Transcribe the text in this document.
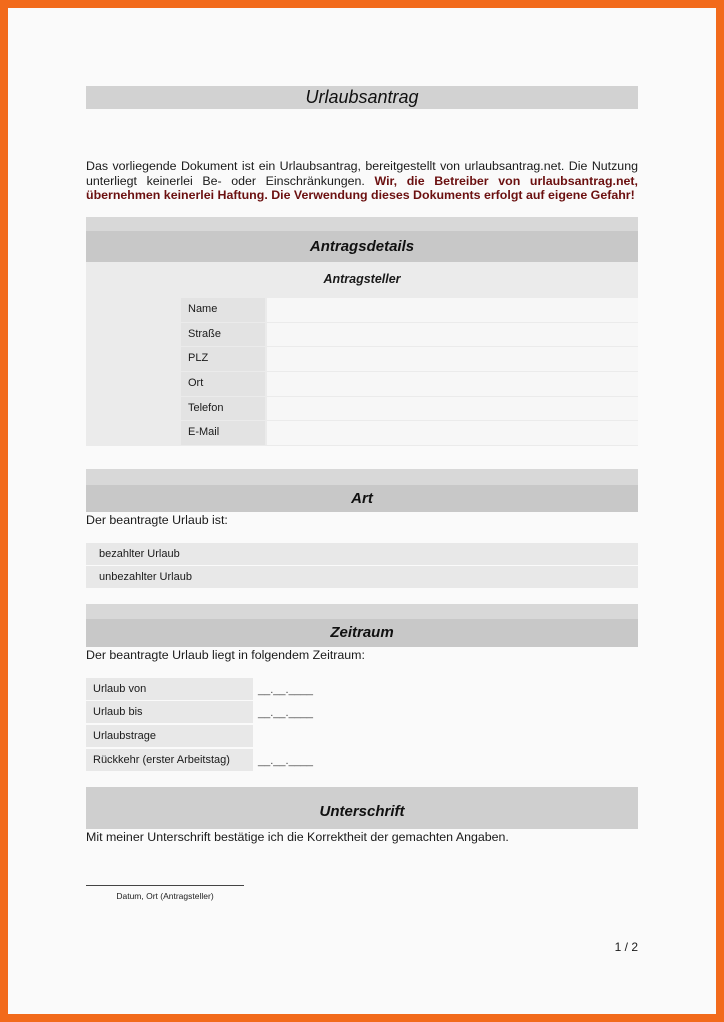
Urlaubsantrag
Das vorliegende Dokument ist ein Urlaubsantrag, bereitgestellt von urlaubsantrag.net. Die Nutzung unterliegt keinerlei Be- oder Einschränkungen. Wir, die Betreiber von urlaubsantrag.net, übernehmen keinerlei Haftung. Die Verwendung dieses Dokuments erfolgt auf eigene Gefahr!
Antragsdetails
Antragsteller
Name
Straße
PLZ
Ort
Telefon
E-Mail
Art
Der beantragte Urlaub ist:
bezahlter Urlaub
unbezahlter Urlaub
Zeitraum
Der beantragte Urlaub liegt in folgendem Zeitraum:
Urlaub von	__.__.____
Urlaub bis	__.__.____
Urlaubstrage
Rückkehr (erster Arbeitstag)	__.__.____
Unterschrift
Mit meiner Unterschrift bestätige ich die Korrektheit der gemachten Angaben.
Datum, Ort (Antragsteller)
1 / 2
